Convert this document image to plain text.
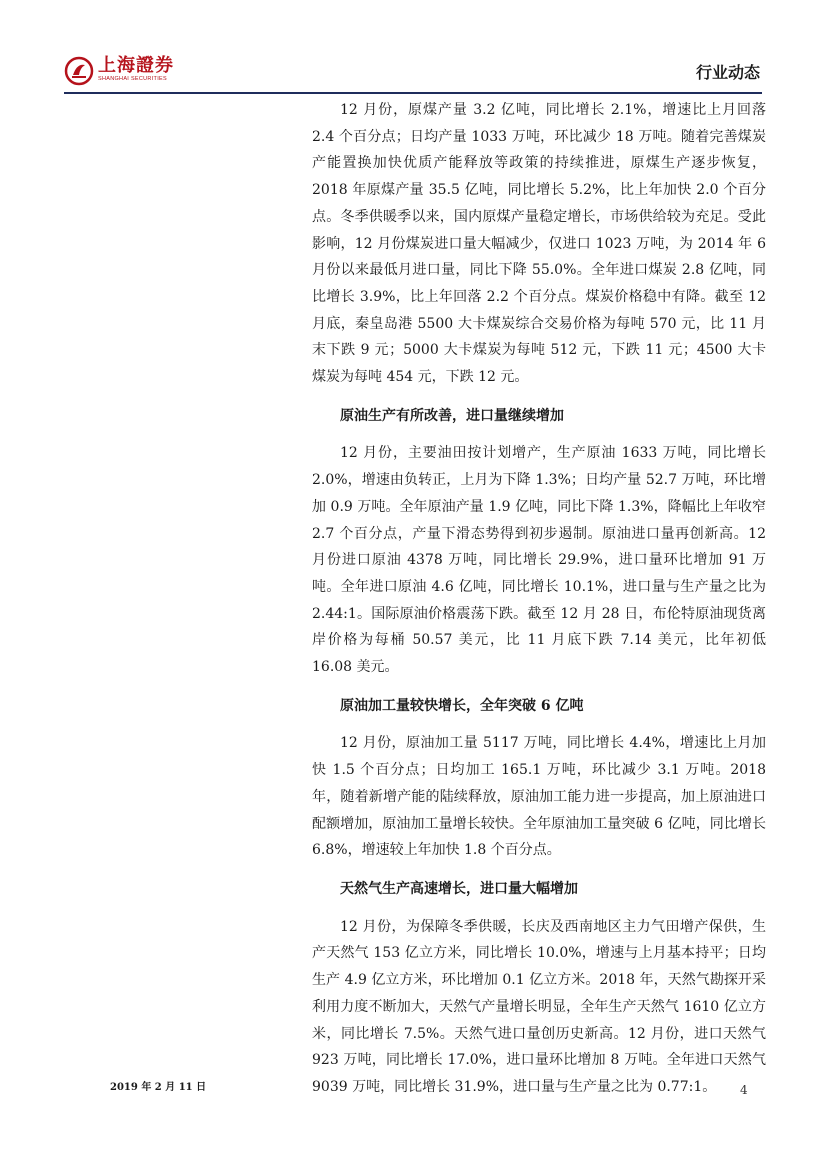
上海證券
SHANGHAI SECURITIES	行业动态

12 月份，原煤产量 3.2 亿吨，同比增长 2.1%，增速比上月回落 2.4 个百分点；日均产量 1033 万吨，环比减少 18 万吨。随着完善煤炭产能置换加快优质产能释放等政策的持续推进，原煤生产逐步恢复，2018 年原煤产量 35.5 亿吨，同比增长 5.2%，比上年加快 2.0 个百分点。冬季供暖季以来，国内原煤产量稳定增长，市场供给较为充足。受此影响，12 月份煤炭进口量大幅减少，仅进口 1023 万吨，为 2014 年 6 月份以来最低月进口量，同比下降 55.0%。全年进口煤炭 2.8 亿吨，同比增长 3.9%，比上年回落 2.2 个百分点。煤炭价格稳中有降。截至 12 月底，秦皇岛港 5500 大卡煤炭综合交易价格为每吨 570 元，比 11 月末下跌 9 元；5000 大卡煤炭为每吨 512 元，下跌 11 元；4500 大卡煤炭为每吨 454 元，下跌 12 元。

原油生产有所改善，进口量继续增加

12 月份，主要油田按计划增产，生产原油 1633 万吨，同比增长 2.0%，增速由负转正，上月为下降 1.3%；日均产量 52.7 万吨，环比增加 0.9 万吨。全年原油产量 1.9 亿吨，同比下降 1.3%，降幅比上年收窄 2.7 个百分点，产量下滑态势得到初步遏制。原油进口量再创新高。12 月份进口原油 4378 万吨，同比增长 29.9%，进口量环比增加 91 万吨。全年进口原油 4.6 亿吨，同比增长 10.1%，进口量与生产量之比为 2.44:1。国际原油价格震荡下跌。截至 12 月 28 日，布伦特原油现货离岸价格为每桶 50.57 美元，比 11 月底下跌 7.14 美元，比年初低 16.08 美元。

原油加工量较快增长，全年突破 6 亿吨

12 月份，原油加工量 5117 万吨，同比增长 4.4%，增速比上月加快 1.5 个百分点；日均加工 165.1 万吨，环比减少 3.1 万吨。2018 年，随着新增产能的陆续释放，原油加工能力进一步提高，加上原油进口配额增加，原油加工量增长较快。全年原油加工量突破 6 亿吨，同比增长 6.8%，增速较上年加快 1.8 个百分点。

天然气生产高速增长，进口量大幅增加

12 月份，为保障冬季供暖，长庆及西南地区主力气田增产保供，生产天然气 153 亿立方米，同比增长 10.0%，增速与上月基本持平；日均生产 4.9 亿立方米，环比增加 0.1 亿立方米。2018 年，天然气勘探开采利用力度不断加大，天然气产量增长明显，全年生产天然气 1610 亿立方米，同比增长 7.5%。天然气进口量创历史新高。12 月份，进口天然气 923 万吨，同比增长 17.0%，进口量环比增加 8 万吨。全年进口天然气 9039 万吨，同比增长 31.9%，进口量与生产量之比为 0.77:1。

2019 年 2 月 11 日	4
